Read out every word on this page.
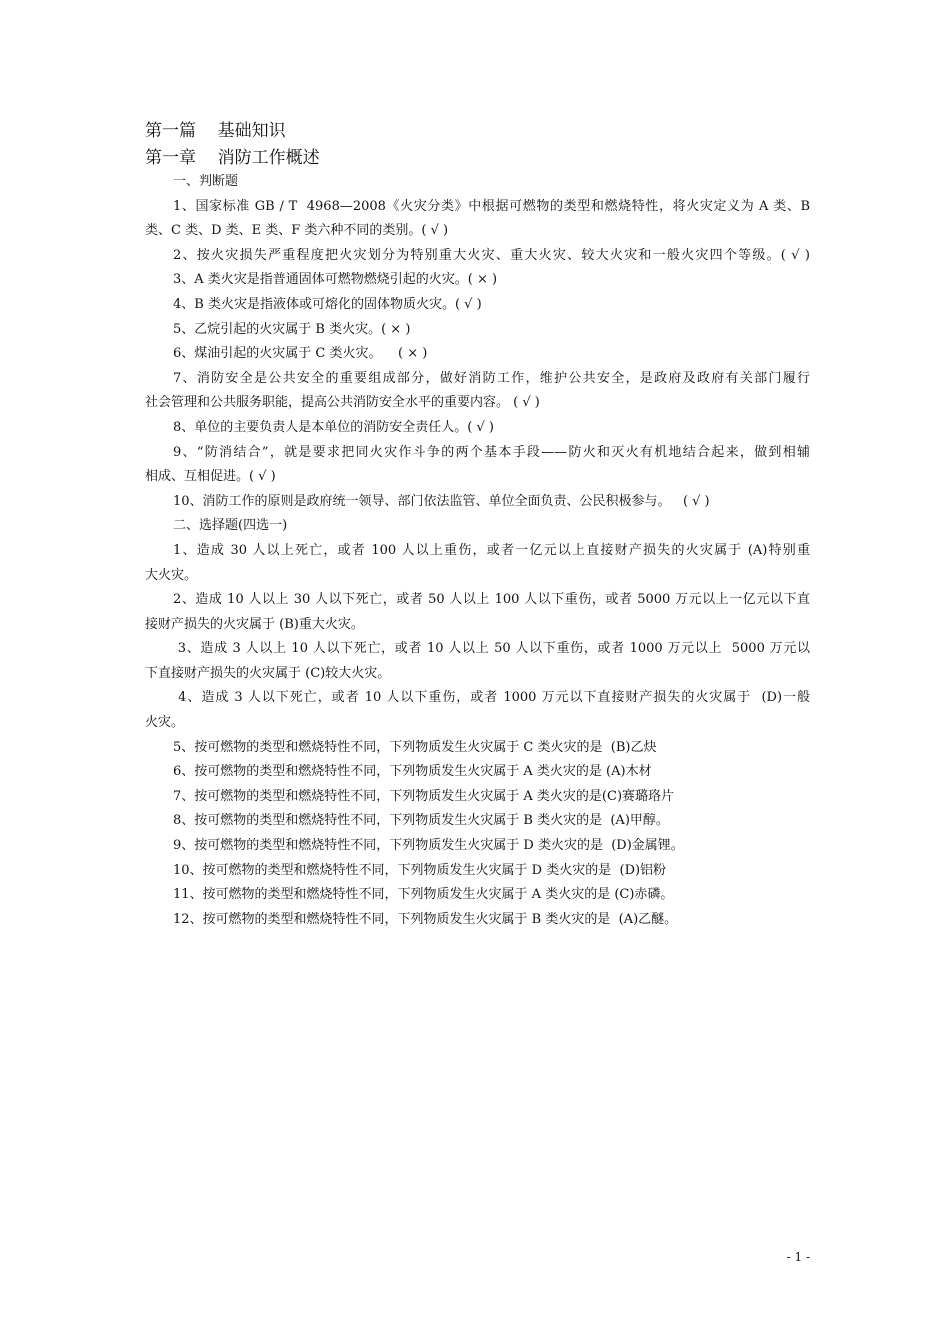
第一篇    基础知识
第一章    消防工作概述
一、判断题
1、国家标准 GB / T  4968—2008《火灾分类》中根据可燃物的类型和燃烧特性，将火灾定义为 A 类、B
类、C 类、D 类、E 类、F 类六种不同的类别。( √ )
2、按火灾损失严重程度把火灾划分为特别重大火灾、重大火灾、较大火灾和一般火灾四个等级。( √ )
3、A 类火灾是指普通固体可燃物燃烧引起的火灾。( × )
4、B 类火灾是指液体或可熔化的固体物质火灾。( √ )
5、乙烷引起的火灾属于 B 类火灾。( × )
6、煤油引起的火灾属于 C 类火灾。    ( × )
7、消防安全是公共安全的重要组成部分，做好消防工作，维护公共安全，是政府及政府有关部门履行
社会管理和公共服务职能，提高公共消防安全水平的重要内容。 ( √ )
8、单位的主要负责人是本单位的消防安全责任人。( √ )
9、“防消结合”，就是要求把同火灾作斗争的两个基本手段——防火和灭火有机地结合起来，做到相辅
相成、互相促进。( √ )
10、消防工作的原则是政府统一领导、部门依法监管、单位全面负责、公民积极参与。   ( √ )
二、选择题(四选一)
1、造成 30 人以上死亡，或者 100 人以上重伤，或者一亿元以上直接财产损失的火灾属于 (A)特别重
大火灾。
2、造成 10 人以上 30 人以下死亡，或者 50 人以上 100 人以下重伤，或者 5000 万元以上一亿元以下直
接财产损失的火灾属于 (B)重大火灾。
3、造成 3 人以上 10 人以下死亡，或者 10 人以上 50 人以下重伤，或者 1000 万元以上  5000 万元以
下直接财产损失的火灾属于 (C)较大火灾。
4、造成 3 人以下死亡，或者 10 人以下重伤，或者 1000 万元以下直接财产损失的火灾属于  (D)一般
火灾。
5、按可燃物的类型和燃烧特性不同，下列物质发生火灾属于 C 类火灾的是  (B)乙炔
6、按可燃物的类型和燃烧特性不同，下列物质发生火灾属于 A 类火灾的是 (A)木材
7、按可燃物的类型和燃烧特性不同，下列物质发生火灾属于 A 类火灾的是(C)赛璐珞片
8、按可燃物的类型和燃烧特性不同，下列物质发生火灾属于 B 类火灾的是  (A)甲醇。
9、按可燃物的类型和燃烧特性不同，下列物质发生火灾属于 D 类火灾的是  (D)金属锂。
10、按可燃物的类型和燃烧特性不同，下列物质发生火灾属于 D 类火灾的是  (D)铝粉
11、按可燃物的类型和燃烧特性不同，下列物质发生火灾属于 A 类火灾的是 (C)赤磷。
12、按可燃物的类型和燃烧特性不同，下列物质发生火灾属于 B 类火灾的是  (A)乙醚。
- 1 -
